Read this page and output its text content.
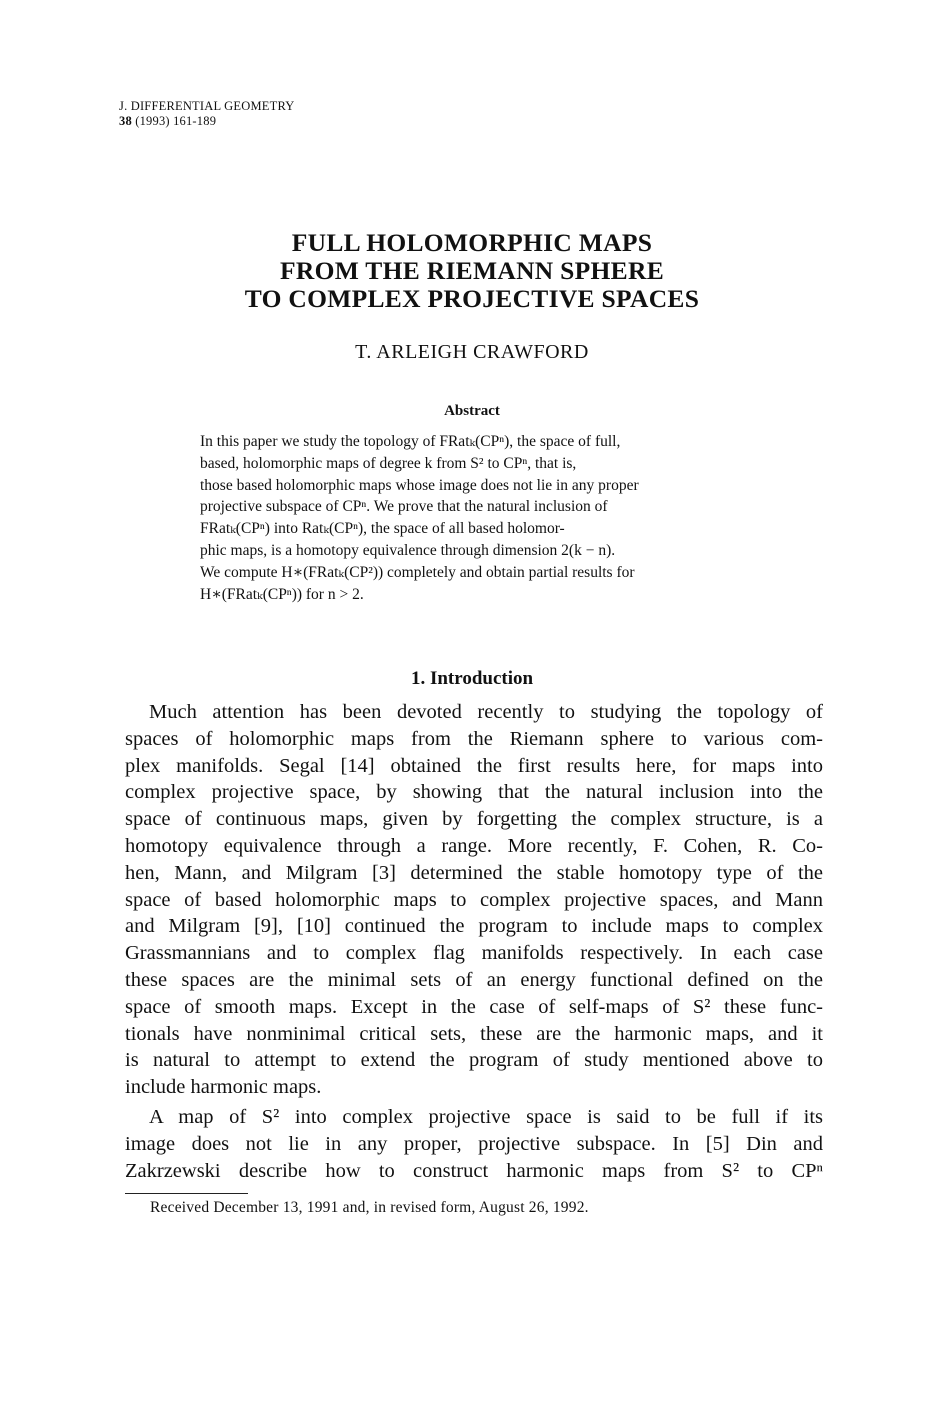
J. DIFFERENTIAL GEOMETRY
38 (1993) 161-189
FULL HOLOMORPHIC MAPS
FROM THE RIEMANN SPHERE
TO COMPLEX PROJECTIVE SPACES
T. ARLEIGH CRAWFORD
Abstract
In this paper we study the topology of FRatₖ(CPⁿ), the space of full,
based, holomorphic maps of degree k from S² to CPⁿ, that is,
those based holomorphic maps whose image does not lie in any proper
projective subspace of CPⁿ. We prove that the natural inclusion of
FRatₖ(CPⁿ) into Ratₖ(CPⁿ), the space of all based holomor-
phic maps, is a homotopy equivalence through dimension 2(k − n).
We compute H∗(FRatₖ(CP²)) completely and obtain partial results for
H∗(FRatₖ(CPⁿ)) for n > 2.
1. Introduction
Much attention has been devoted recently to studying the topology of
spaces of holomorphic maps from the Riemann sphere to various com-
plex manifolds. Segal [14] obtained the first results here, for maps into
complex projective space, by showing that the natural inclusion into the
space of continuous maps, given by forgetting the complex structure, is a
homotopy equivalence through a range. More recently, F. Cohen, R. Co-
hen, Mann, and Milgram [3] determined the stable homotopy type of the
space of based holomorphic maps to complex projective spaces, and Mann
and Milgram [9], [10] continued the program to include maps to complex
Grassmannians and to complex flag manifolds respectively. In each case
these spaces are the minimal sets of an energy functional defined on the
space of smooth maps. Except in the case of self-maps of S² these func-
tionals have nonminimal critical sets, these are the harmonic maps, and it
is natural to attempt to extend the program of study mentioned above to
include harmonic maps.
A map of S² into complex projective space is said to be full if its
image does not lie in any proper, projective subspace. In [5] Din and
Zakrzewski describe how to construct harmonic maps from S² to CPⁿ
Received December 13, 1991 and, in revised form, August 26, 1992.
